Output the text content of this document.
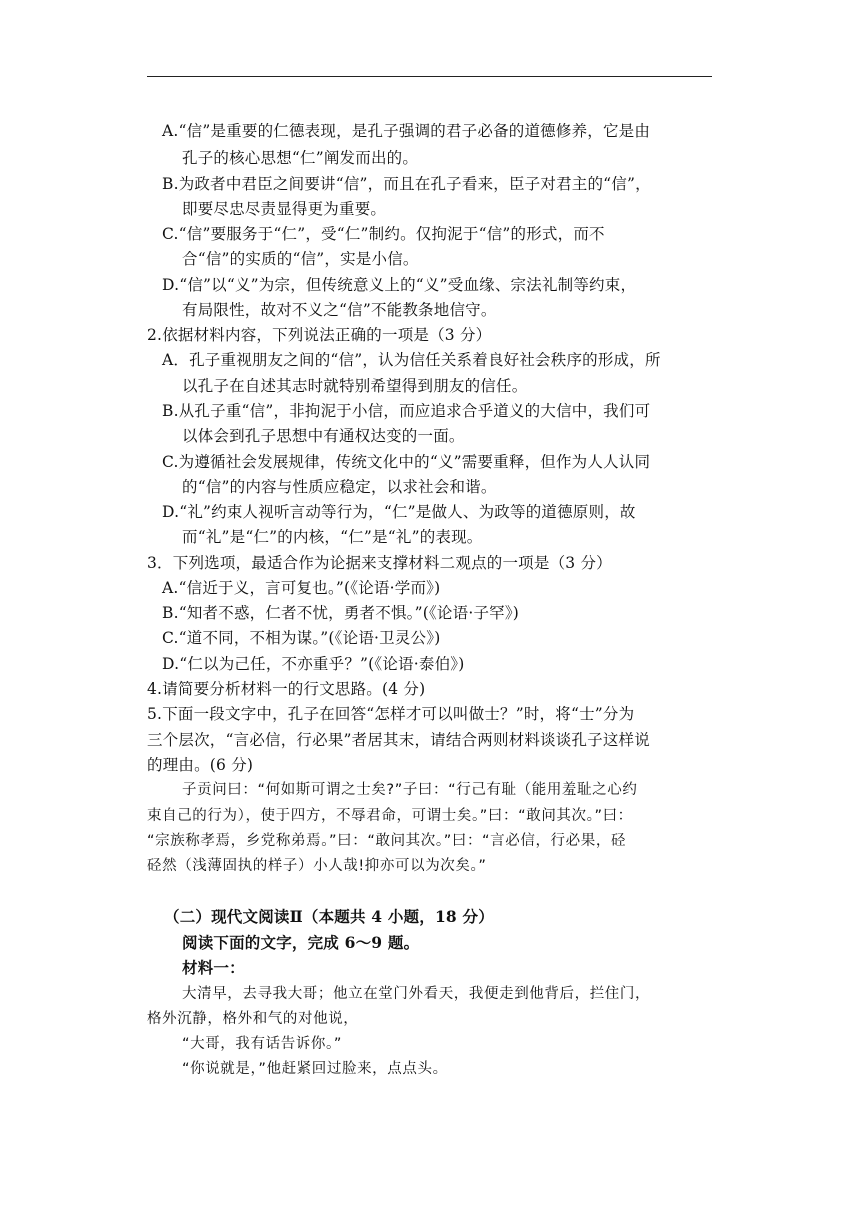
A.“信”是重要的仁德表现，是孔子强调的君子必备的道德修养，它是由
孔子的核心思想“仁”阐发而出的。
B.为政者中君臣之间要讲“信”，而且在孔子看来，臣子对君主的“信”，
即要尽忠尽责显得更为重要。
C.“信”要服务于“仁”，受“仁”制约。仅拘泥于“信”的形式，而不
合“信”的实质的“信”，实是小信。
D.“信”以“义”为宗，但传统意义上的“义”受血缘、宗法礼制等约束，
有局限性，故对不义之“信”不能教条地信守。
2.依据材料内容，下列说法正确的一项是（3 分）
A．孔子重视朋友之间的“信”，认为信任关系着良好社会秩序的形成，所
以孔子在自述其志时就特别希望得到朋友的信任。
B.从孔子重“信”，非拘泥于小信，而应追求合乎道义的大信中，我们可
以体会到孔子思想中有通权达变的一面。
C.为遵循社会发展规律，传统文化中的“义”需要重释，但作为人人认同
的“信”的内容与性质应稳定，以求社会和谐。
D.“礼”约束人视听言动等行为，“仁”是做人、为政等的道德原则，故
而“礼”是“仁”的内核，“仁”是“礼”的表现。
3．下列选项，最适合作为论据来支撑材料二观点的一项是（3 分）
A.“信近于义，言可复也。”(《论语·学而》)
B.“知者不惑，仁者不忧，勇者不惧。”(《论语·子罕》)
C.“道不同，不相为谋。”(《论语·卫灵公》)
D.“仁以为己任，不亦重乎？”(《论语·泰伯》)
4.请简要分析材料一的行文思路。(4 分)
5.下面一段文字中，孔子在回答“怎样才可以叫做士？”时，将“士”分为
三个层次，“言必信，行必果”者居其末，请结合两则材料谈谈孔子这样说
的理由。(6 分)
子贡问曰：“何如斯可谓之士矣?”子曰：“行己有耻（能用羞耻之心约
束自己的行为），使于四方，不辱君命，可谓士矣。”曰：“敢问其次。”曰：
“宗族称孝焉，乡党称弟焉。”曰：“敢问其次。”曰：“言必信，行必果，硁
硁然（浅薄固执的样子）小人哉!抑亦可以为次矣。”
（二）现代文阅读Ⅱ（本题共 4 小题，18 分）
阅读下面的文字，完成 6～9 题。
材料一：
大清早，去寻我大哥；他立在堂门外看天，我便走到他背后，拦住门，
格外沉静，格外和气的对他说，
“大哥，我有话告诉你。”
“你说就是，”他赶紧回过脸来，点点头。
